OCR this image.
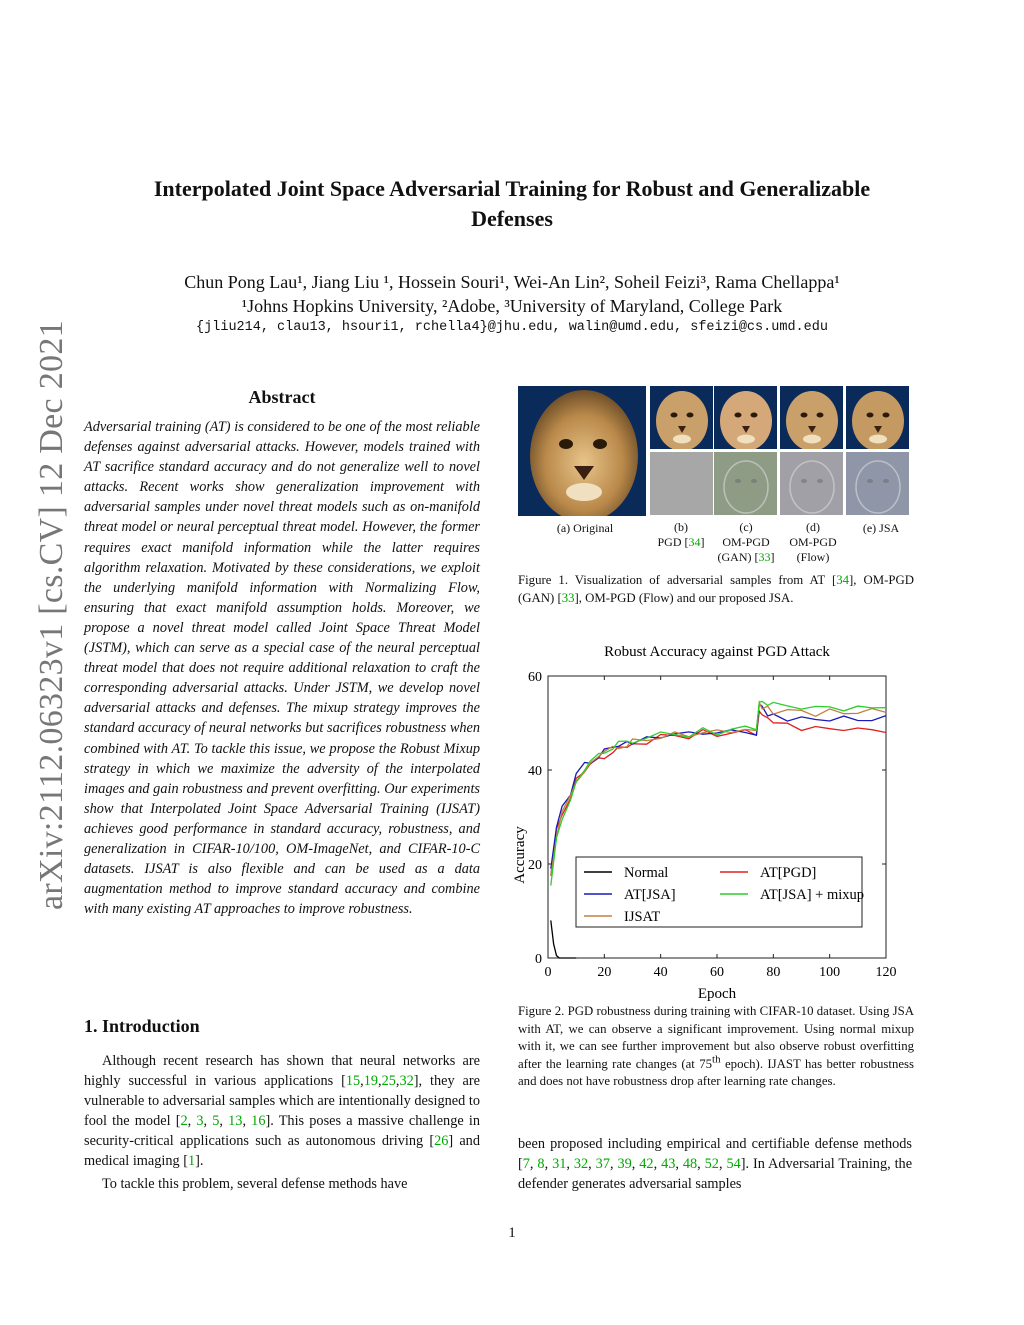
Interpolated Joint Space Adversarial Training for Robust and Generalizable
Defenses
Chun Pong Lau¹, Jiang Liu ¹, Hossein Souri¹, Wei-An Lin², Soheil Feizi³, Rama Chellappa¹
¹Johns Hopkins University, ²Adobe, ³University of Maryland, College Park
{jliu214, clau13, hsouri1, rchella4}@jhu.edu, walin@umd.edu, sfeizi@cs.umd.edu
arXiv:2112.06323v1 [cs.CV] 12 Dec 2021	Abstract
Adversarial training (AT) is considered to be one of the most reliable defenses against adversarial attacks. However, models trained with AT sacrifice standard accuracy and do not generalize well to novel attacks. Recent works show generalization improvement with adversarial samples under novel threat models such as on-manifold threat model or neural perceptual threat model. However, the former requires exact manifold information while the latter requires algorithm relaxation. Motivated by these considerations, we exploit the underlying manifold information with Normalizing Flow, ensuring that exact manifold assumption holds. Moreover, we propose a novel threat model called Joint Space Threat Model (JSTM), which can serve as a special case of the neural perceptual threat model that does not require additional relaxation to craft the corresponding adversarial attacks. Under JSTM, we develop novel adversarial attacks and defenses. The mixup strategy improves the standard accuracy of neural networks but sacrifices robustness when combined with AT. To tackle this issue, we propose the Robust Mixup strategy in which we maximize the adversity of the interpolated images and gain robustness and prevent overfitting. Our experiments show that Interpolated Joint Space Adversarial Training (IJSAT) achieves good performance in standard accuracy, robustness, and generalization in CIFAR-10/100, OM-ImageNet, and CIFAR-10-C datasets. IJSAT is also flexible and can be used as a data augmentation method to improve standard accuracy and combine with many existing AT approaches to improve robustness.
1. Introduction
Although recent research has shown that neural networks are highly successful in various applications [15,19,25,32], they are vulnerable to adversarial samples which are intentionally designed to fool the model [2, 3, 5, 13, 16]. This poses a massive challenge in security-critical applications such as autonomous driving [26] and medical imaging [1].
To tackle this problem, several defense methods have
been proposed including empirical and certifiable defense methods [7, 8, 31, 32, 37, 39, 42, 43, 48, 52, 54]. In Adversarial Training, the defender generates adversarial samples
(a) Original	(b)
PGD [34]
(c)
OM-PGD
(GAN) [33]
(d)
OM-PGD
(Flow)
(e) JSA
Figure 1. Visualization of adversarial samples from AT [34], OM-PGD (GAN) [33], OM-PGD (Flow) and our proposed JSA.
Robust Accuracy against PGD Attack
0	20	40	60	80	100	120
0
20
40
60
Epoch
Accuracy	Normal	AT[PGD]
AT[JSA]	AT[JSA] + mixup
IJSAT
Figure 2. PGD robustness during training with CIFAR-10 dataset. Using JSA with AT, we can observe a significant improvement. Using normal mixup with it, we can see further improvement but also observe robust overfitting after the learning rate changes (at 75th epoch). IJAST has better robustness and does not have robustness drop after learning rate changes.
1
